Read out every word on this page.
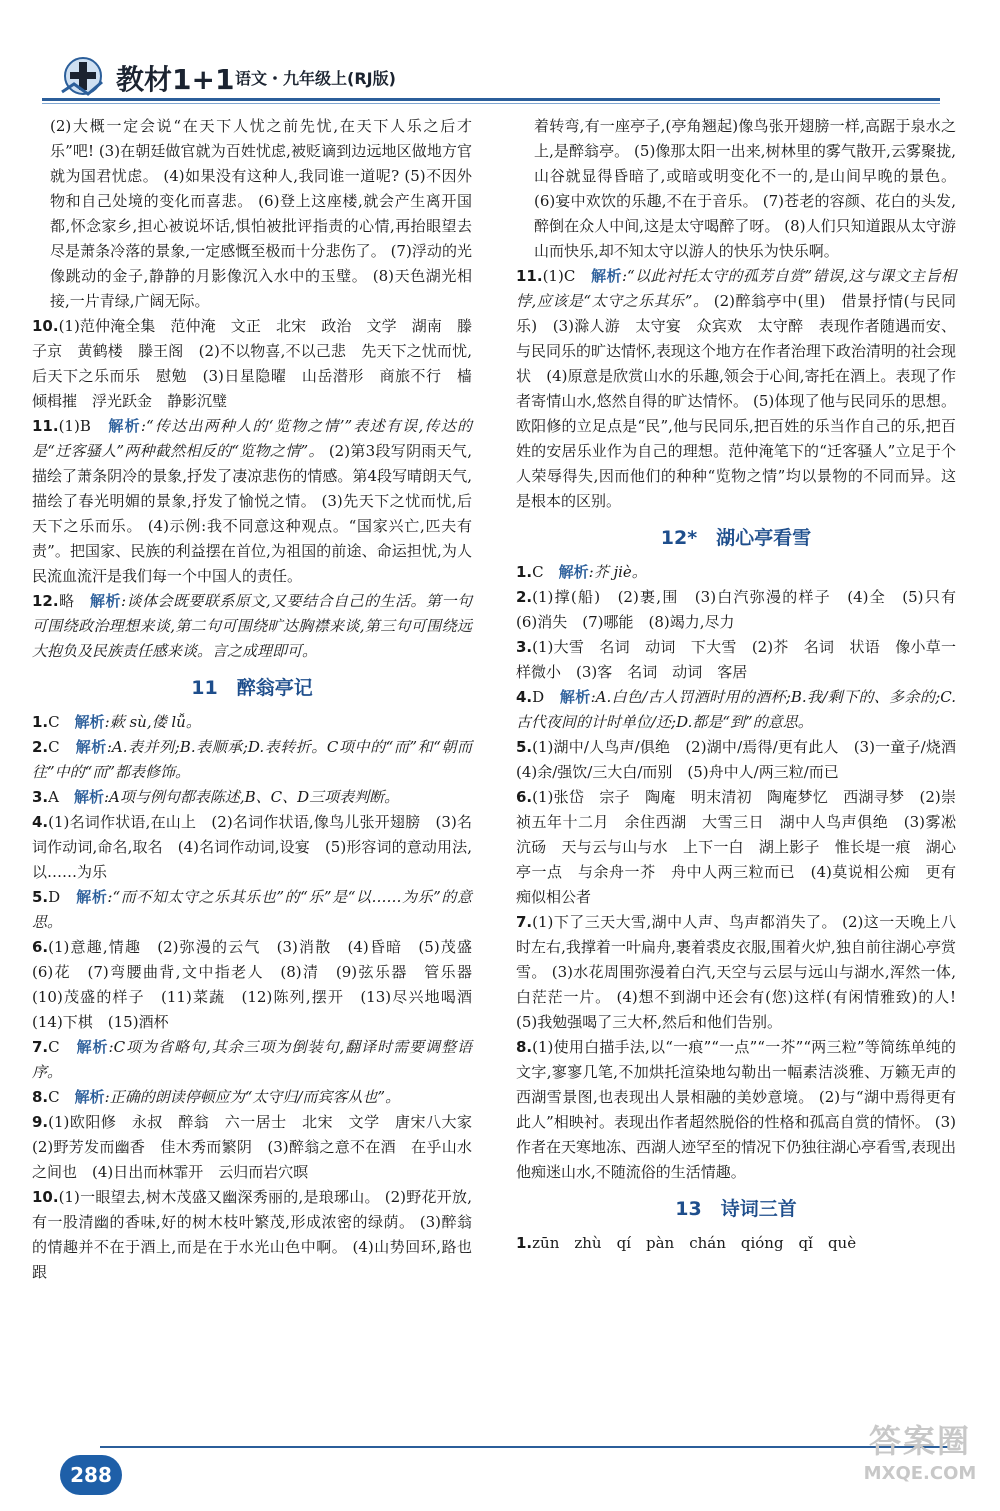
教材1+1 语文・九年级上(RJ版)

(2)大概一定会说“在天下人忧之前先忧,在天下人乐之后才乐”吧! (3)在朝廷做官就为百姓忧虑,被贬谪到边远地区做地方官就为国君忧虑。 (4)如果没有这种人,我同谁一道呢? (5)不因外物和自己处境的变化而喜悲。 (6)登上这座楼,就会产生离开国都,怀念家乡,担心被说坏话,惧怕被批评指责的心情,再抬眼望去尽是萧条冷落的景象,一定感慨至极而十分悲伤了。 (7)浮动的光像跳动的金子,静静的月影像沉入水中的玉璧。 (8)天色湖光相接,一片青绿,广阔无际。

10.(1)范仲淹全集　范仲淹　文正　北宋　政治　文学　湖南　滕子京　黄鹤楼　滕王阁　(2)不以物喜,不以己悲　先天下之忧而忧,后天下之乐而乐　慰勉　(3)日星隐曜　山岳潜形　商旅不行　樯倾楫摧　浮光跃金　静影沉璧

11.(1)B　解析:“传达出两种人的‘览物之情’”表述有误,传达的是“迁客骚人”两种截然相反的“览物之情”。 (2)第3段写阴雨天气,描绘了萧条阴冷的景象,抒发了凄凉悲伤的情感。第4段写晴朗天气,描绘了春光明媚的景象,抒发了愉悦之情。 (3)先天下之忧而忧,后天下之乐而乐。 (4)示例:我不同意这种观点。“国家兴亡,匹夫有责”。把国家、民族的利益摆在首位,为祖国的前途、命运担忧,为人民流血流汗是我们每一个中国人的责任。

12.略　解析:谈体会既要联系原文,又要结合自己的生活。第一句可围绕政治理想来谈,第二句可围绕旷达胸襟来谈,第三句可围绕远大抱负及民族责任感来谈。言之成理即可。

11　醉翁亭记

1.C　解析:蔌 sù,偻 lǚ。

2.C　解析:A.表并列;B.表顺承;D.表转折。C项中的“而”和“朝而往”中的“而”都表修饰。

3.A　解析:A项与例句都表陈述,B、C、D三项表判断。

4.(1)名词作状语,在山上　(2)名词作状语,像鸟儿张开翅膀　(3)名词作动词,命名,取名　(4)名词作动词,设宴　(5)形容词的意动用法,以……为乐

5.D　解析:“而不知太守之乐其乐也”的“乐”是“以……为乐”的意思。

6.(1)意趣,情趣　(2)弥漫的云气　(3)消散　(4)昏暗　(5)茂盛　(6)花　(7)弯腰曲背,文中指老人　(8)清　(9)弦乐器　管乐器　(10)茂盛的样子　(11)菜蔬　(12)陈列,摆开　(13)尽兴地喝酒　(14)下棋　(15)酒杯

7.C　解析:C项为省略句,其余三项为倒装句,翻译时需要调整语序。

8.C　解析:正确的朗读停顿应为“太守归/而宾客从也”。

9.(1)欧阳修　永叔　醉翁　六一居士　北宋　文学　唐宋八大家　(2)野芳发而幽香　佳木秀而繁阴　(3)醉翁之意不在酒　在乎山水之间也　(4)日出而林霏开　云归而岩穴暝

10.(1)一眼望去,树木茂盛又幽深秀丽的,是琅琊山。 (2)野花开放,有一股清幽的香味,好的树木枝叶繁茂,形成浓密的绿荫。 (3)醉翁的情趣并不在于酒上,而是在于水光山色中啊。 (4)山势回环,路也跟

着转弯,有一座亭子,(亭角翘起)像鸟张开翅膀一样,高踞于泉水之上,是醉翁亭。 (5)像那太阳一出来,树林里的雾气散开,云雾聚拢,山谷就显得昏暗了,或暗或明变化不一的,是山间早晚的景色。 (6)宴中欢饮的乐趣,不在于音乐。 (7)苍老的容颜、花白的头发,醉倒在众人中间,这是太守喝醉了呀。 (8)人们只知道跟从太守游山而快乐,却不知太守以游人的快乐为快乐啊。

11.(1)C　解析:“以此衬托太守的孤芳自赏”错误,这与课文主旨相悖,应该是“太守之乐其乐”。 (2)醉翁亭中(里)　借景抒情(与民同乐)　(3)滁人游　太守宴　众宾欢　太守醉　表现作者随遇而安、与民同乐的旷达情怀,表现这个地方在作者治理下政治清明的社会现状　(4)原意是欣赏山水的乐趣,领会于心间,寄托在酒上。表现了作者寄情山水,悠然自得的旷达情怀。 (5)体现了他与民同乐的思想。欧阳修的立足点是“民”,他与民同乐,把百姓的乐当作自己的乐,把百姓的安居乐业作为自己的理想。范仲淹笔下的“迁客骚人”立足于个人荣辱得失,因而他们的种种“览物之情”均以景物的不同而异。这是根本的区别。

12*　湖心亭看雪

1.C　解析:芥 jiè。

2.(1)撑(船)　(2)裹,围　(3)白汽弥漫的样子　(4)全　(5)只有　(6)消失　(7)哪能　(8)竭力,尽力

3.(1)大雪　名词　动词　下大雪　(2)芥　名词　状语　像小草一样微小　(3)客　名词　动词　客居

4.D　解析:A.白色/古人罚酒时用的酒杯;B.我/剩下的、多余的;C.古代夜间的计时单位/还;D.都是“到”的意思。

5.(1)湖中/人鸟声/俱绝　(2)湖中/焉得/更有此人　(3)一童子/烧酒　(4)余/强饮/三大白/而别　(5)舟中人/两三粒/而已

6.(1)张岱　宗子　陶庵　明末清初　陶庵梦忆　西湖寻梦　(2)崇祯五年十二月　余住西湖　大雪三日　湖中人鸟声俱绝　(3)雾凇沆砀　天与云与山与水　上下一白　湖上影子　惟长堤一痕　湖心亭一点　与余舟一芥　舟中人两三粒而已　(4)莫说相公痴　更有痴似相公者

7.(1)下了三天大雪,湖中人声、鸟声都消失了。 (2)这一天晚上八时左右,我撑着一叶扁舟,裹着裘皮衣服,围着火炉,独自前往湖心亭赏雪。 (3)水花周围弥漫着白汽,天空与云层与远山与湖水,浑然一体,白茫茫一片。 (4)想不到湖中还会有(您)这样(有闲情雅致)的人! (5)我勉强喝了三大杯,然后和他们告别。

8.(1)使用白描手法,以“一痕”“一点”“一芥”“两三粒”等简练单纯的文字,寥寥几笔,不加烘托渲染地勾勒出一幅素洁淡雅、万籁无声的西湖雪景图,也表现出人景相融的美妙意境。 (2)与“湖中焉得更有此人”相映衬。表现出作者超然脱俗的性格和孤高自赏的情怀。 (3)作者在天寒地冻、西湖人迹罕至的情况下仍独往湖心亭看雪,表现出他痴迷山水,不随流俗的生活情趣。

13　诗词三首

1.zūn　zhù　qí　pàn　chán　qióng　qǐ　què

288
答案圈
MXQE.COM
